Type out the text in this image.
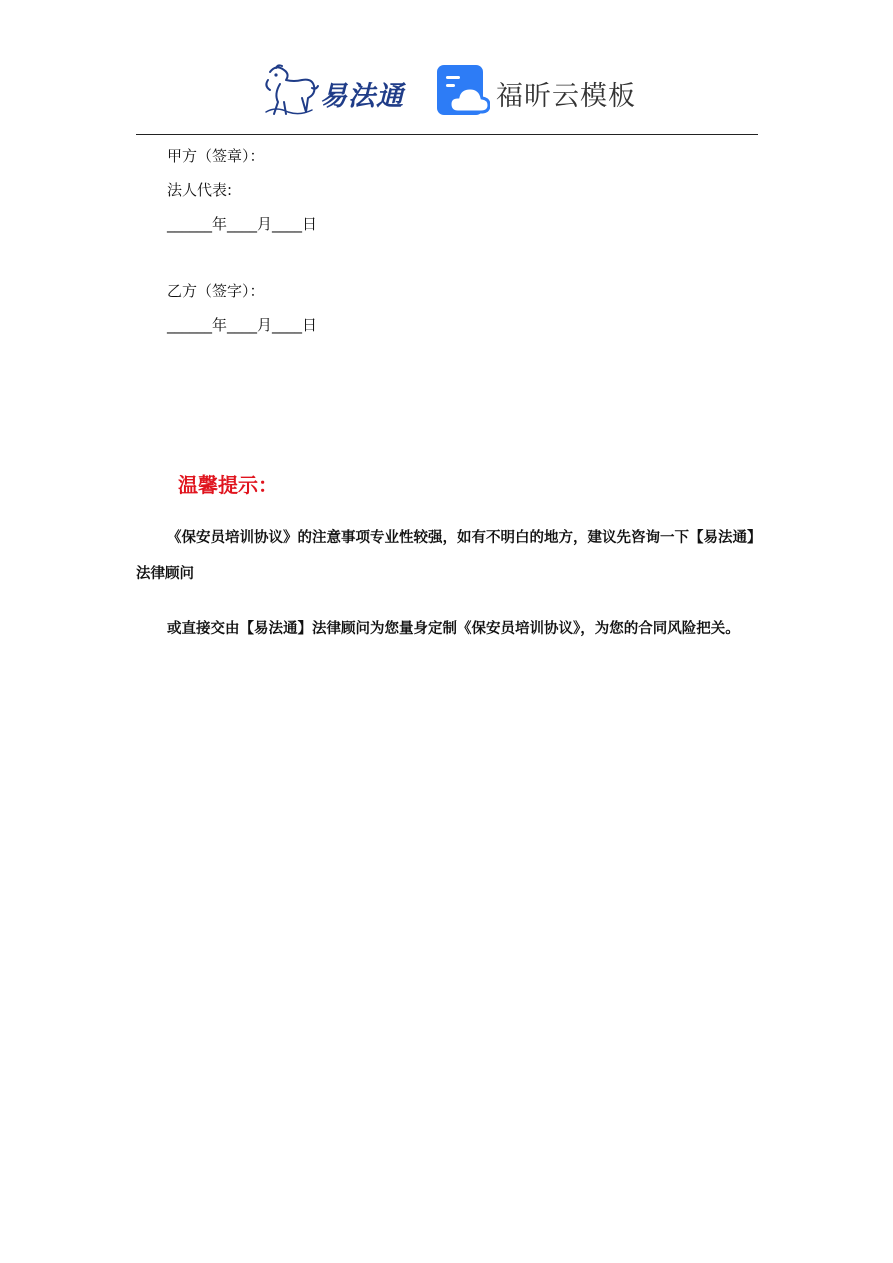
易法通	福昕云模板
甲方（签章）：
法人代表:
______年____月____日
乙方（签字）：
______年____月____日
温馨提示：
《保安员培训协议》的注意事项专业性较强，如有不明白的地方，建议先咨询一下【易法通】法律顾问
或直接交由【易法通】法律顾问为您量身定制《保安员培训协议》，为您的合同风险把关。
